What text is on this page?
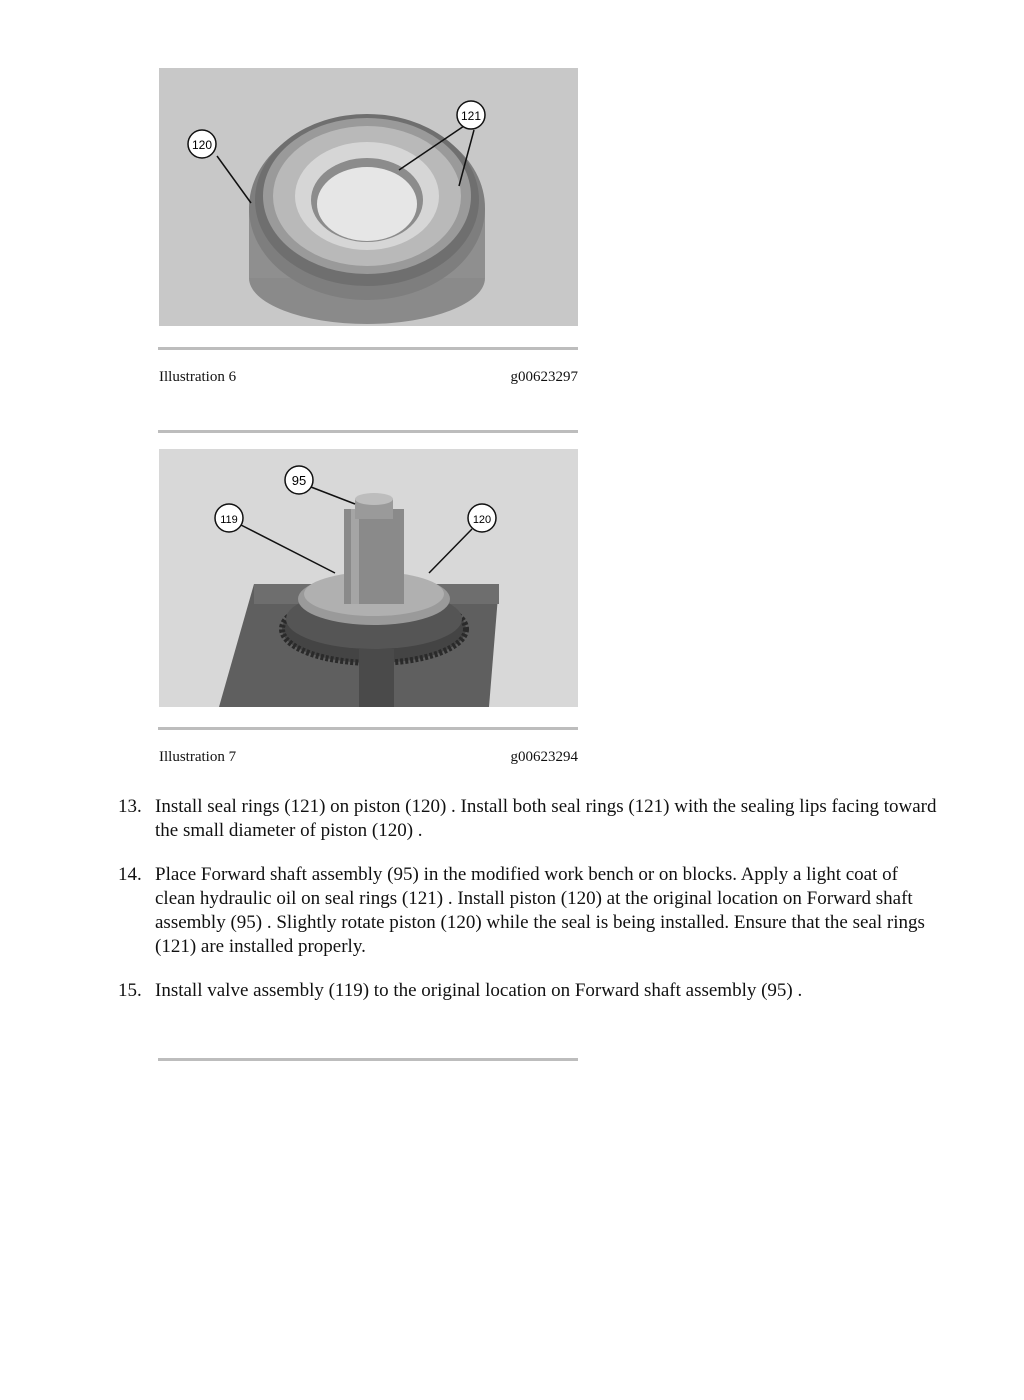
120
121
Illustration 6	g00623297
95
119	120
Illustration 7	g00623294
13. Install seal rings (121) on piston (120) . Install both seal rings (121) with the sealing lips facing toward the small diameter of piston (120) .
14. Place Forward shaft assembly (95) in the modified work bench or on blocks. Apply a light coat of clean hydraulic oil on seal rings (121) . Install piston (120) at the original location on Forward shaft assembly (95) . Slightly rotate piston (120) while the seal is being installed. Ensure that the seal rings (121) are installed properly.
15. Install valve assembly (119) to the original location on Forward shaft assembly (95) .
